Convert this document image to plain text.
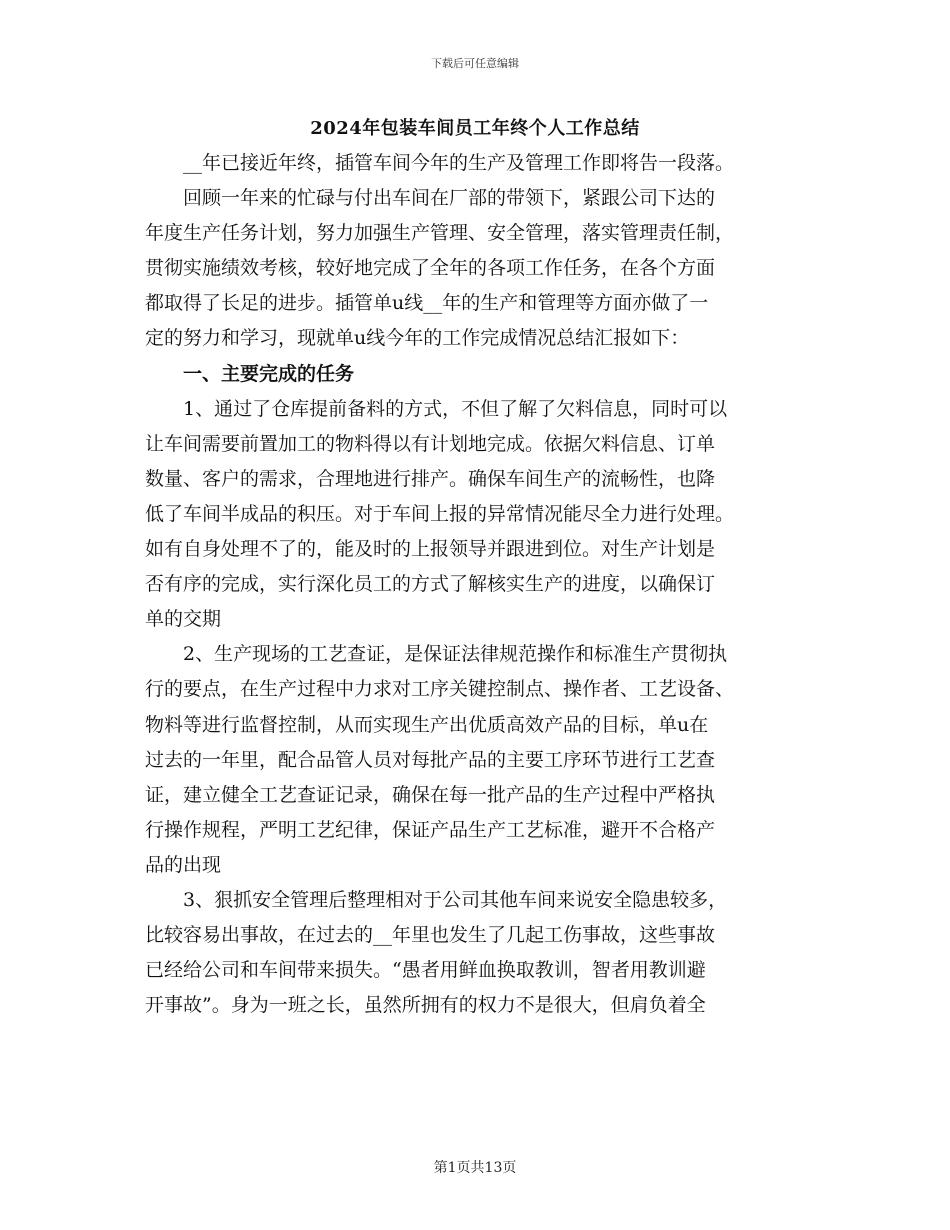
下载后可任意编辑
2024年包装车间员工年终个人工作总结
__年已接近年终，插管车间今年的生产及管理工作即将告一段落。
回顾一年来的忙碌与付出车间在厂部的带领下，紧跟公司下达的
年度生产任务计划，努力加强生产管理、安全管理，落实管理责任制，
贯彻实施绩效考核，较好地完成了全年的各项工作任务，在各个方面
都取得了长足的进步。插管单u线__年的生产和管理等方面亦做了一
定的努力和学习，现就单u线今年的工作完成情况总结汇报如下：
一、主要完成的任务
1、通过了仓库提前备料的方式，不但了解了欠料信息，同时可以
让车间需要前置加工的物料得以有计划地完成。依据欠料信息、订单
数量、客户的需求，合理地进行排产。确保车间生产的流畅性，也降
低了车间半成品的积压。对于车间上报的异常情况能尽全力进行处理。
如有自身处理不了的，能及时的上报领导并跟进到位。对生产计划是
否有序的完成，实行深化员工的方式了解核实生产的进度，以确保订
单的交期
2、生产现场的工艺查证，是保证法律规范操作和标准生产贯彻执
行的要点，在生产过程中力求对工序关键控制点、操作者、工艺设备、
物料等进行监督控制，从而实现生产出优质高效产品的目标，单u在
过去的一年里，配合品管人员对每批产品的主要工序环节进行工艺查
证，建立健全工艺查证记录，确保在每一批产品的生产过程中严格执
行操作规程，严明工艺纪律，保证产品生产工艺标准，避开不合格产
品的出现
3、狠抓安全管理后整理相对于公司其他车间来说安全隐患较多，
比较容易出事故，在过去的__年里也发生了几起工伤事故，这些事故
已经给公司和车间带来损失。“愚者用鲜血换取教训，智者用教训避
开事故”。身为一班之长，虽然所拥有的权力不是很大，但肩负着全
第1页共13页
